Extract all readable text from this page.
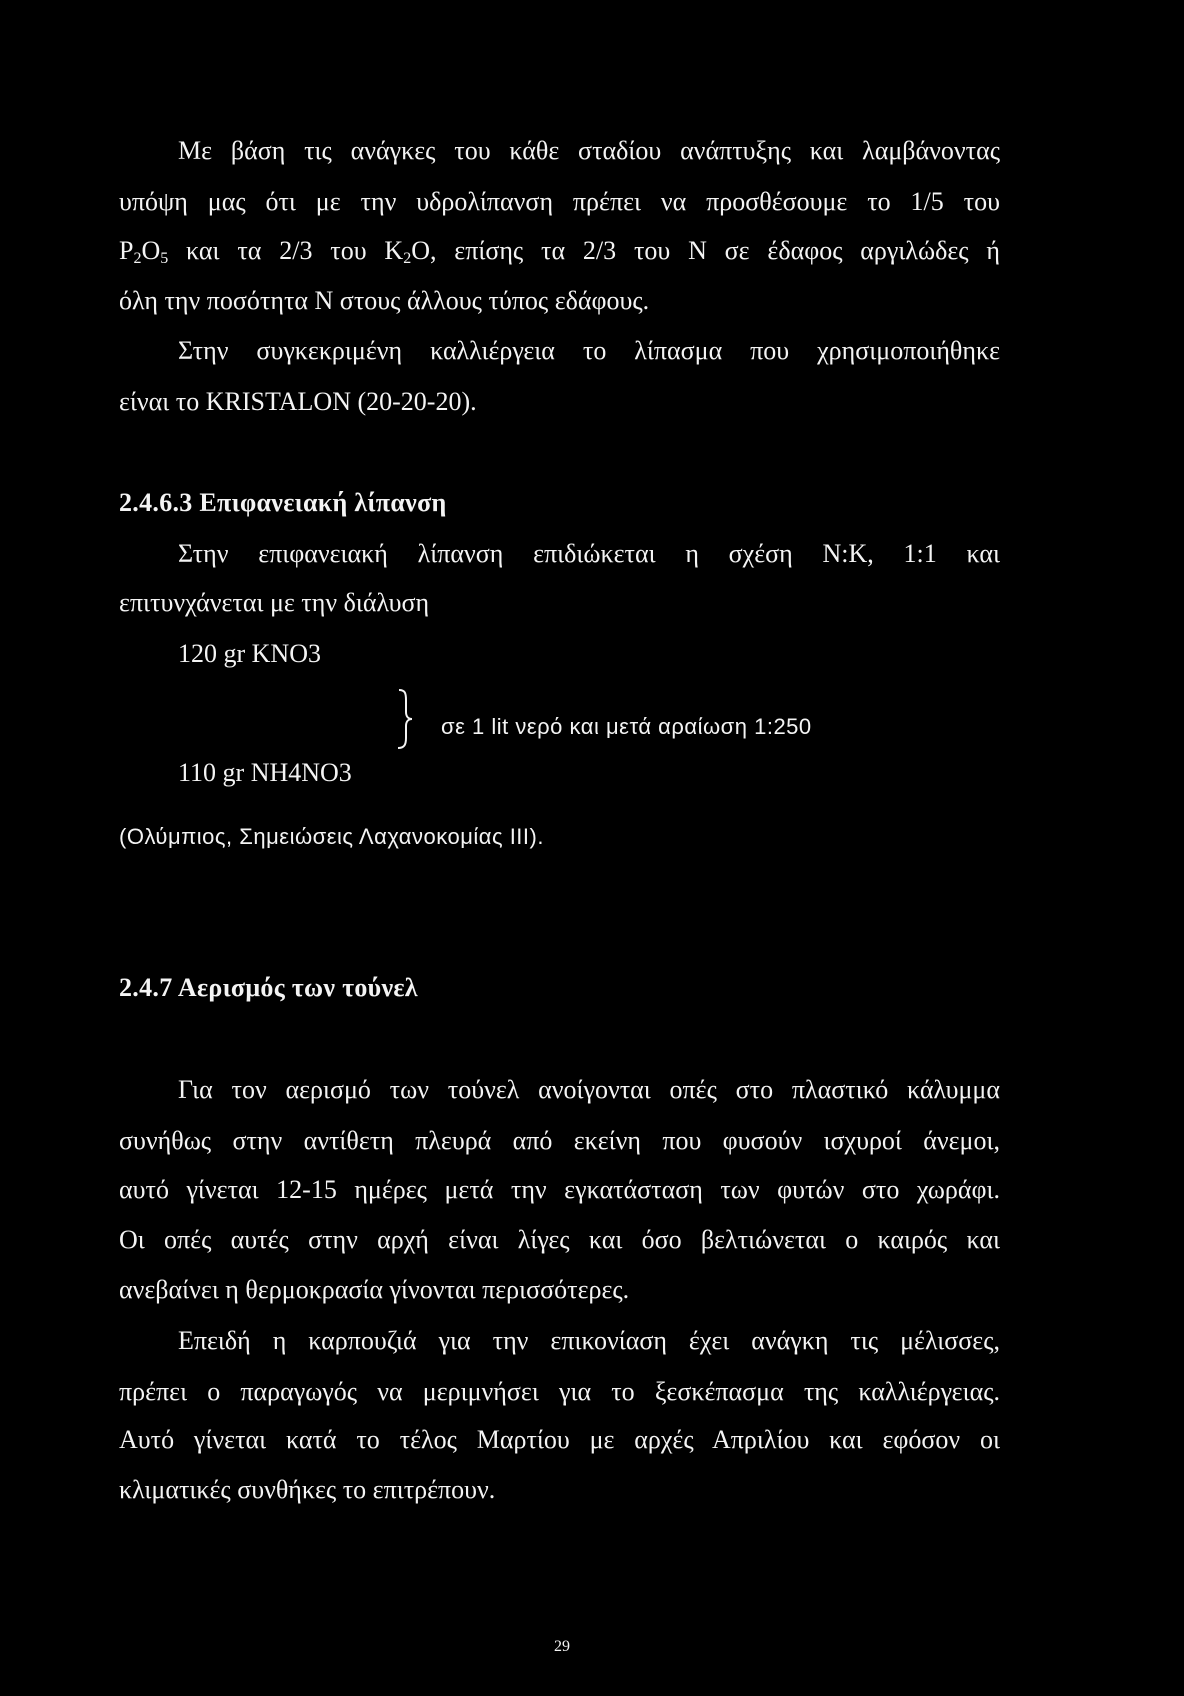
Με βάση τις ανάγκες του κάθε σταδίου ανάπτυξης και λαμβάνοντας
υπόψη μας ότι με την υδρολίπανση πρέπει να προσθέσουμε το 1/5 του
$P_2O_5$ και τα 2/3 του $K_2O$, επίσης τα 2/3 του N σε έδαφος αργιλώδες ή
όλη την ποσότητα N στους άλλους τύπος εδάφους.
Στην συγκεκριμένη καλλιέργεια το λίπασμα που χρησιμοποιήθηκε
είναι το KRISTALON (20-20-20).
2.4.6.3 Επιφανειακή λίπανση
Στην επιφανειακή λίπανση επιδιώκεται η σχέση N:K, 1:1 και
επιτυνχάνεται με την διάλυση
120 gr KNO3
σε 1 lit νερό και μετά αραίωση 1:250
110 gr NH4NO3
(Ολύμπιος, Σημειώσεις Λαχανοκομίας III).
2.4.7 Αερισμός των τούνελ
Για τον αερισμό των τούνελ ανοίγονται οπές στο πλαστικό κάλυμμα
συνήθως στην αντίθετη πλευρά από εκείνη που φυσούν ισχυροί άνεμοι,
αυτό γίνεται 12-15 ημέρες μετά την εγκατάσταση των φυτών στο χωράφι.
Οι οπές αυτές στην αρχή είναι λίγες και όσο βελτιώνεται ο καιρός και
ανεβαίνει η θερμοκρασία γίνονται περισσότερες.
Επειδή η καρπουζιά για την επικονίαση έχει ανάγκη τις μέλισσες,
πρέπει ο παραγωγός να μεριμνήσει για το ξεσκέπασμα της καλλιέργειας.
Αυτό γίνεται κατά το τέλος Μαρτίου με αρχές Απριλίου και εφόσον οι
κλιματικές συνθήκες το επιτρέπουν.
29
